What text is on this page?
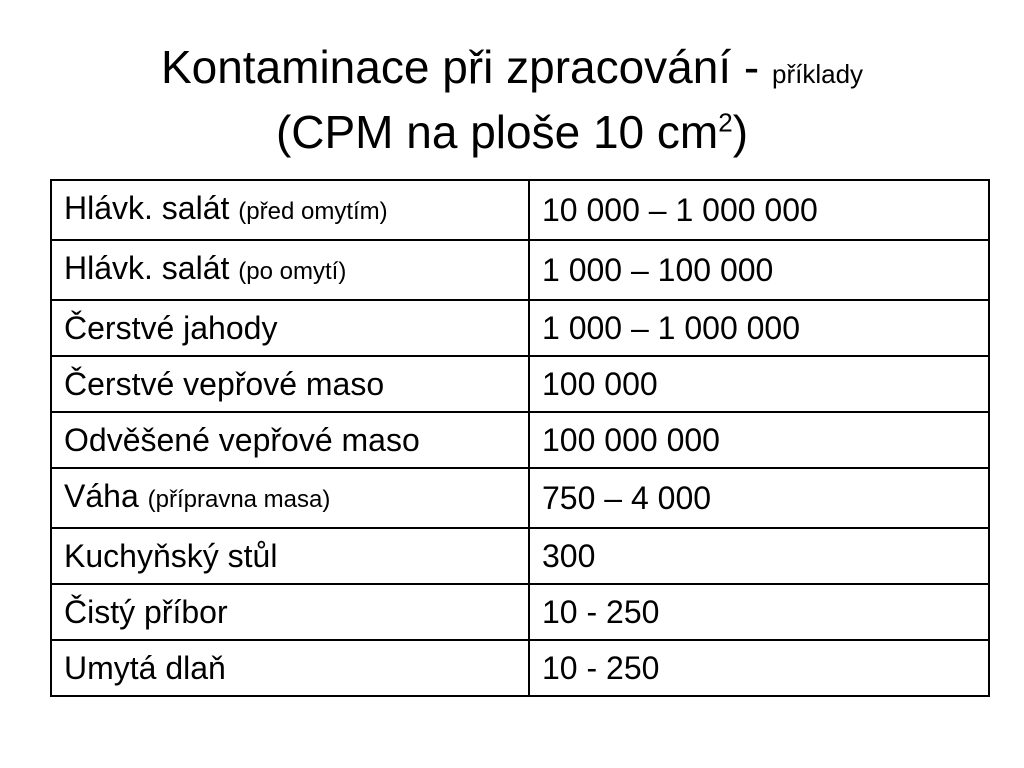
Kontaminace při zpracování - příklady
(CPM na ploše 10 $cm^2$)
Hlávk. salát (před omytím)	10 000 – 1 000 000
Hlávk. salát (po omytí)	1 000 – 100 000
Čerstvé jahody	1 000 – 1 000 000
Čerstvé vepřové maso	100 000
Odvěšené vepřové maso	100 000 000
Váha (přípravna masa)	750 – 4 000
Kuchyňský stůl	300
Čistý příbor	10 - 250
Umytá dlaň	10 - 250
